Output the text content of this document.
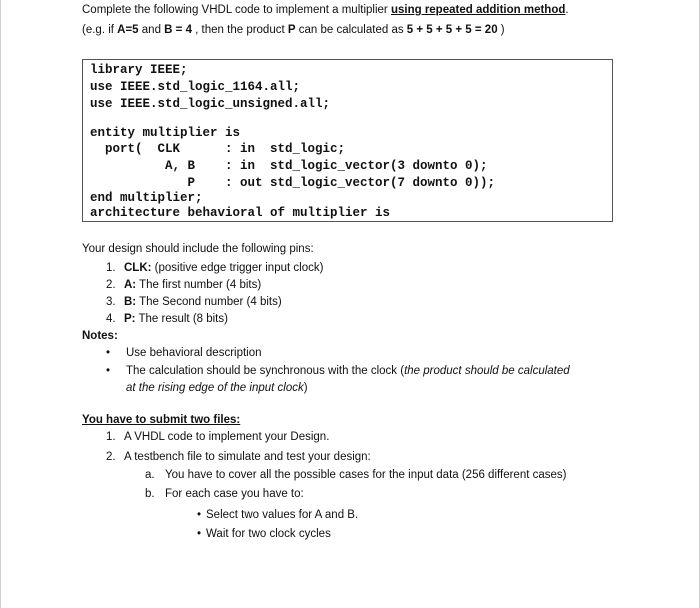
Complete the following VHDL code to implement a multiplier using repeated addition method.
(e.g. if A=5 and B = 4 , then the product P can be calculated as 5 + 5 + 5 + 5 = 20 )
library IEEE;
use IEEE.std_logic_1164.all;
use IEEE.std_logic_unsigned.all;
entity multiplier is
port(  CLK      : in  std_logic;
A, B    : in  std_logic_vector(3 downto 0);
P    : out std_logic_vector(7 downto 0));
end multiplier;
architecture behavioral of multiplier is
Your design should include the following pins:
1. CLK: (positive edge trigger input clock)
2. A: The first number (4 bits)
3. B: The Second number (4 bits)
4. P: The result (8 bits)
Notes:
• Use behavioral description
• The calculation should be synchronous with the clock (the product should be calculated
at the rising edge of the input clock)
You have to submit two files:
1. A VHDL code to implement your Design.
2. A testbench file to simulate and test your design:
a. You have to cover all the possible cases for the input data (256 different cases)
b. For each case you have to:
• Select two values for A and B.
• Wait for two clock cycles
